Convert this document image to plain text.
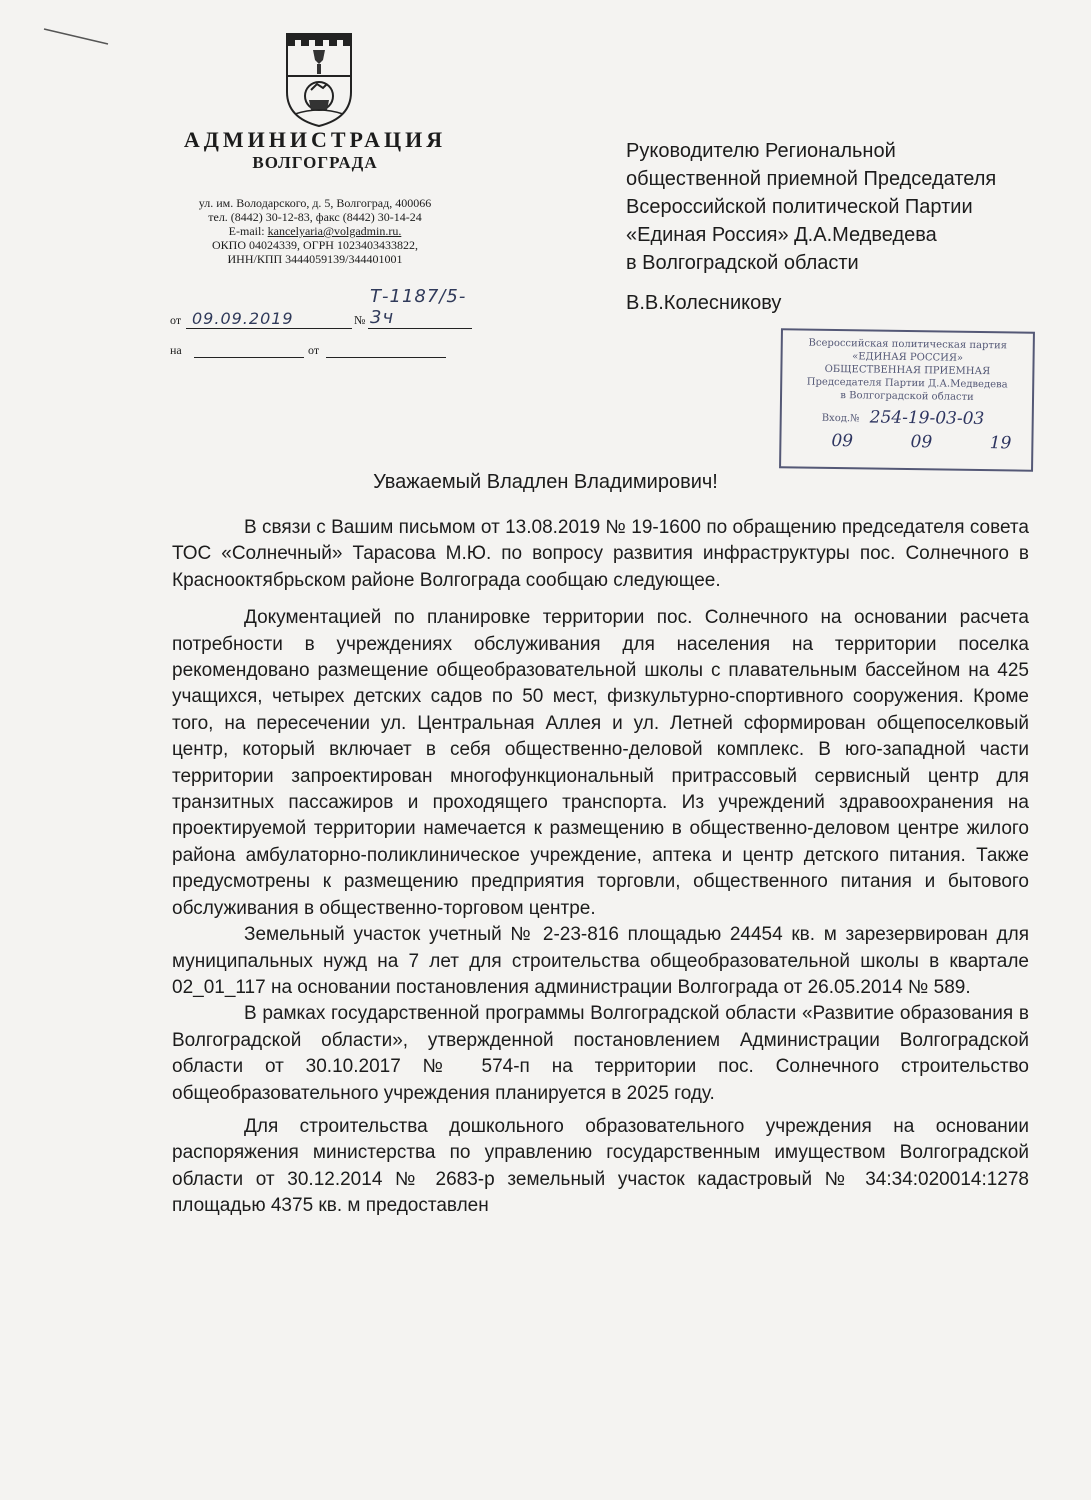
АДМИНИСТРАЦИЯ
ВОЛГОГРАДА
ул. им. Володарского, д. 5, Волгоград, 400066
тел. (8442) 30-12-83, факс (8442) 30-14-24
E-mail: kancelyaria@volgadmin.ru.
ОКПО 04024339, ОГРН 1023403433822,
ИНН/КПП 3444059139/344401001
от 09.09.2019	№
Т-1187/5-3ч
на	от
Руководителю Региональной
общественной приемной Председателя
Всероссийской политической Партии
«Единая Россия» Д.А.Медведева
в Волгоградской области
В.В.Колесникову
Всероссийская политическая партия
«ЕДИНАЯ РОССИЯ»
ОБЩЕСТВЕННАЯ ПРИЕМНАЯ
Председателя Партии Д.А.Медведева
в Волгоградской области
Вход.№ 254-19-03-03
09	09	19
Уважаемый Владлен Владимирович!

В связи с Вашим письмом от 13.08.2019 № 19-1600 по обращению председателя совета ТОС «Солнечный» Тарасова М.Ю. по вопросу развития инфраструктуры пос. Солнечного в Краснооктябрьском районе Волгограда сообщаю следующее.

Документацией по планировке территории пос. Солнечного на основании расчета потребности в учреждениях обслуживания для населения на территории поселка рекомендовано размещение общеобразовательной школы с плавательным бассейном на 425 учащихся, четырех детских садов по 50 мест, физкультурно-спортивного сооружения. Кроме того, на пересечении ул. Центральная Аллея и ул. Летней сформирован общепоселковый центр, который включает в себя общественно-деловой комплекс. В юго-западной части территории запроектирован многофункциональный притрассовый сервисный центр для транзитных пассажиров и проходящего транспорта. Из учреждений здравоохранения на проектируемой территории намечается к размещению в общественно-деловом центре жилого района амбулаторно-поликлиническое учреждение, аптека и центр детского питания. Также предусмотрены к размещению предприятия торговли, общественного питания и бытового обслуживания в общественно-торговом центре.

Земельный участок учетный № 2-23-816 площадью 24454 кв. м зарезервирован для муниципальных нужд на 7 лет для строительства общеобразовательной школы в квартале 02_01_117 на основании постановления администрации Волгограда от 26.05.2014 № 589.

В рамках государственной программы Волгоградской области «Развитие образования в Волгоградской области», утвержденной постановлением Администрации Волгоградской области от 30.10.2017 № 574-п на территории пос. Солнечного строительство общеобразовательного учреждения планируется в 2025 году.

Для строительства дошкольного образовательного учреждения на основании распоряжения министерства по управлению государственным имуществом Волгоградской области от 30.12.2014 № 2683-р земельный участок кадастровый № 34:34:020014:1278 площадью 4375 кв. м предоставлен
